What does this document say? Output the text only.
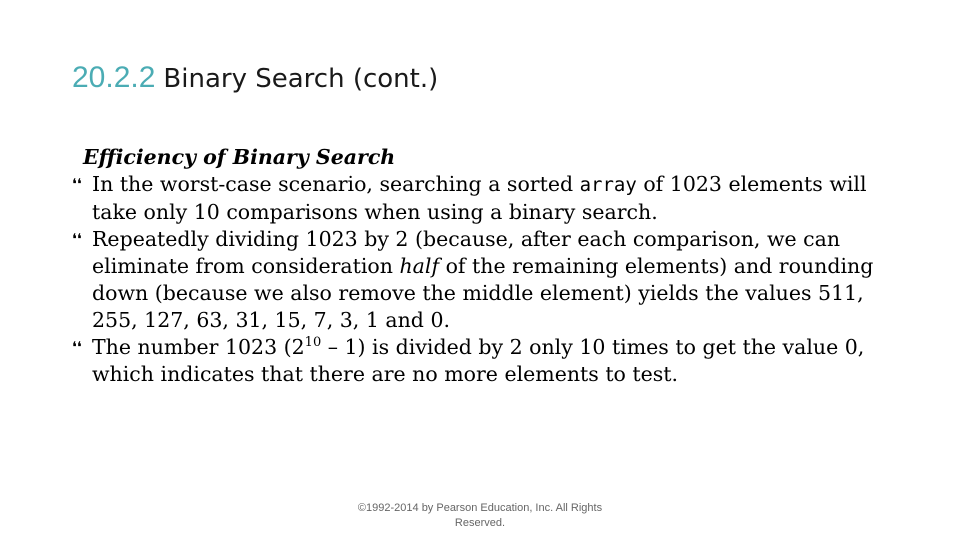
20.2.2 Binary Search (cont.)
Efficiency of Binary Search
❛❛ In the worst-case scenario, searching a sorted array of 1023 elements will take only 10 comparisons when using a binary search.
❛❛ Repeatedly dividing 1023 by 2 (because, after each comparison, we can eliminate from consideration half of the remaining elements) and rounding down (because we also remove the middle element) yields the values 511, 255, 127, 63, 31, 15, 7, 3, 1 and 0.
❛❛ The number 1023 $(2^{10} - 1)$ is divided by 2 only 10 times to get the value 0, which indicates that there are no more elements to test.
©1992-2014 by Pearson Education, Inc. All Rights
Reserved.
